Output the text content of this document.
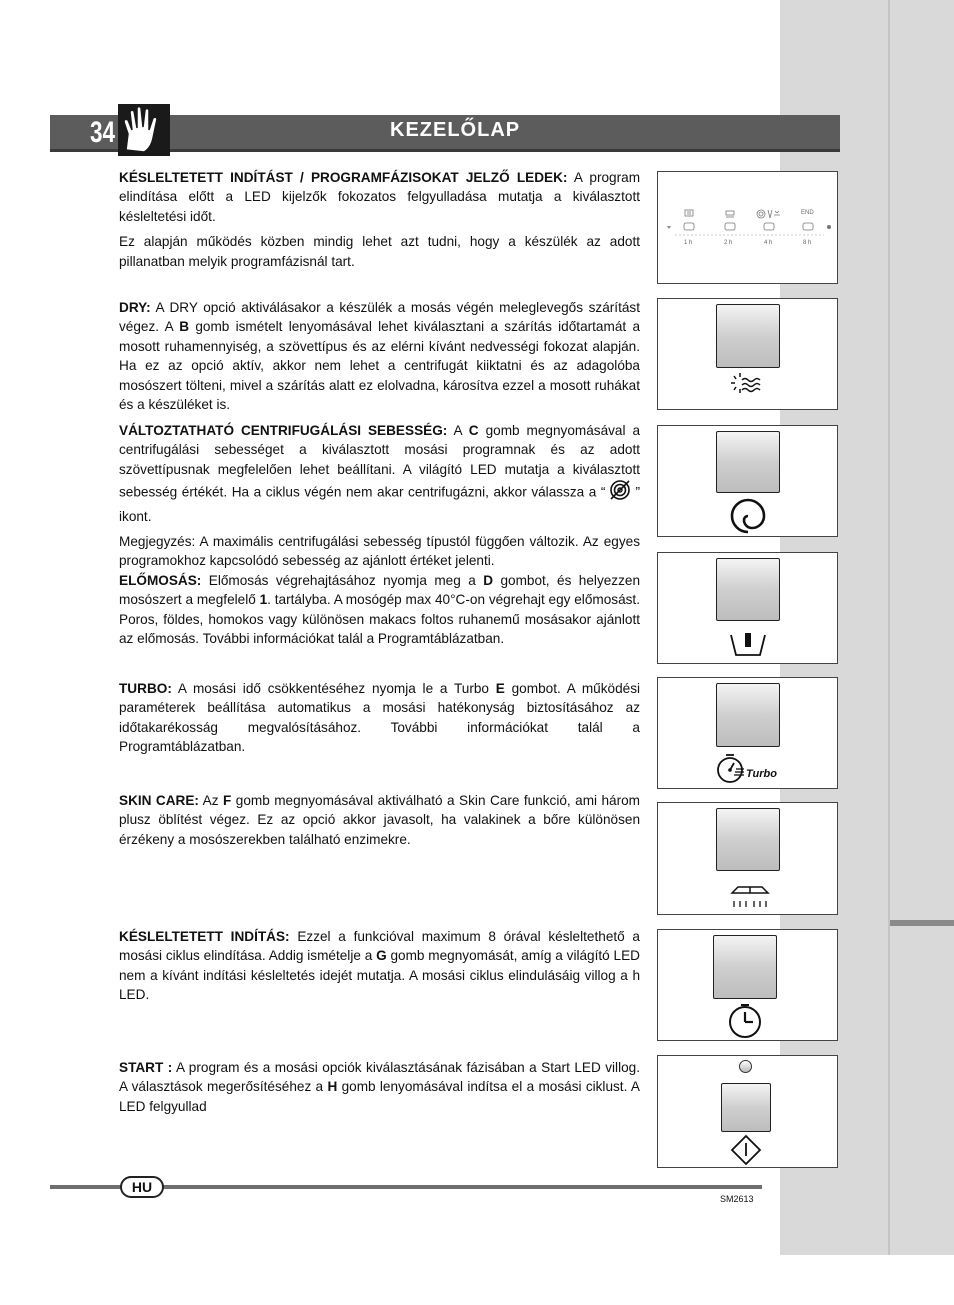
34	KEZELŐLAP

KÉSLELTETETT INDÍTÁST / PROGRAMFÁZISOKAT JELZŐ LEDEK: A program elindítása előtt a LED kijelzők fokozatos felgyulladása mutatja a kiválasztott késleltetési időt.

Ez alapján működés közben mindig lehet azt tudni, hogy a készülék az adott pillanatban melyik programfázisnál tart.

DRY: A DRY opció aktiválásakor a készülék a mosás végén meleglevegős szárítást végez. A B gomb ismételt lenyomásával lehet kiválasztani a szárítás időtartamát a mosott ruhamennyiség, a szövettípus és az elérni kívánt nedvességi fokozat alapján. Ha ez az opció aktív, akkor nem lehet a centrifugát kiiktatni és az adagolóba mosószert tölteni, mivel a szárítás alatt ez elolvadna, károsítva ezzel a mosott ruhákat és a készüléket is.

VÁLTOZTATHATÓ CENTRIFUGÁLÁSI SEBESSÉG: A C gomb megnyomásával a centrifugálási sebességet a kiválasztott mosási programnak és az adott szövettípusnak megfelelően lehet beállítani. A világító LED mutatja a kiválasztott sebesség értékét. Ha a ciklus végén nem akar centrifugázni, akkor válassza a “ ” ikont.

Megjegyzés: A maximális centrifugálási sebesség típustól függően változik. Az egyes programokhoz kapcsolódó sebesség az ajánlott értéket jelenti.

ELŐMOSÁS: Előmosás végrehajtásához nyomja meg a D gombot, és helyezzen mosószert a megfelelő 1. tartályba. A mosógép max 40°C-on végrehajt egy előmosást. Poros, földes, homokos vagy különösen makacs foltos ruhanemű mosásakor ajánlott az előmosás. További információkat talál a Programtáblázatban.

TURBO: A mosási idő csökkentéséhez nyomja le a Turbo E gombot. A működési paraméterek beállítása automatikus a mosási hatékonyság biztosításához az időtakarékosság megvalósításához. További információkat talál a Programtáblázatban.

SKIN CARE: Az F gomb megnyomásával aktiválható a Skin Care funkció, ami három plusz öblítést végez. Ez az opció akkor javasolt, ha valakinek a bőre különösen érzékeny a mosószerekben található enzimekre.

KÉSLELTETETT INDÍTÁS: Ezzel a funkcióval maximum 8 órával késleltethető a mosási ciklus elindítása. Addig ismételje a G gomb megnyomását, amíg a világító LED nem a kívánt indítási késleltetés idejét mutatja. A mosási ciklus elindulásáig villog a h LED.

START : A program és a mosási opciók kiválasztásának fázisában a Start LED villog. A választások megerősítéséhez a H gomb lenyomásával indítsa el a mosási ciklust. A LED felgyullad

END
1 h	2 h	4 h	8 h
Turbo
HU
SM2613
